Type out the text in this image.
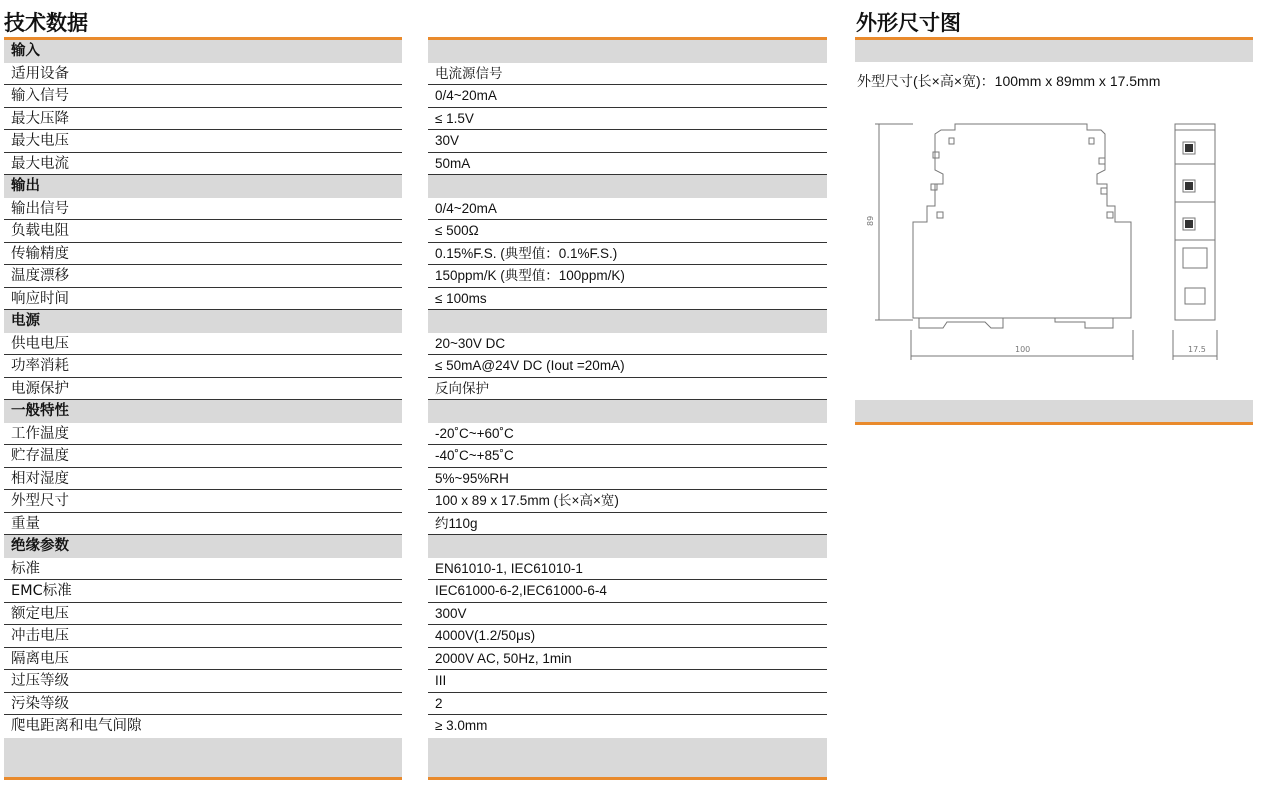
技术数据	外形尺寸图
输入
适用设备
输入信号
最大压降
最大电压
最大电流
输出
输出信号
负载电阻
传输精度
温度漂移
响应时间
电源
供电电压
功率消耗
电源保护
一般特性
工作温度
贮存温度
相对湿度
外型尺寸
重量
绝缘参数
标准
EMC标准
额定电压
冲击电压
隔离电压
过压等级
污染等级
爬电距离和电气间隙
电流源信号
0/4~20mA
≤ 1.5V
30V
50mA
0/4~20mA
≤ 500Ω
0.15%F.S. (典型值：0.1%F.S.)
150ppm/K (典型值：100ppm/K)
≤ 100ms
20~30V DC
≤ 50mA@24V DC (Iout =20mA)
反向保护
-20˚C~+60˚C
-40˚C~+85˚C
5%~95%RH
100 x 89 x 17.5mm (长×高×宽)
约110g
EN61010-1, IEC61010-1
IEC61000-6-2,IEC61000-6-4
300V
4000V(1.2/50μs)
2000V AC, 50Hz, 1min
III
2
≥ 3.0mm
外型尺寸(长×高×宽)：100mm x 89mm x 17.5mm
89
100	17.5
